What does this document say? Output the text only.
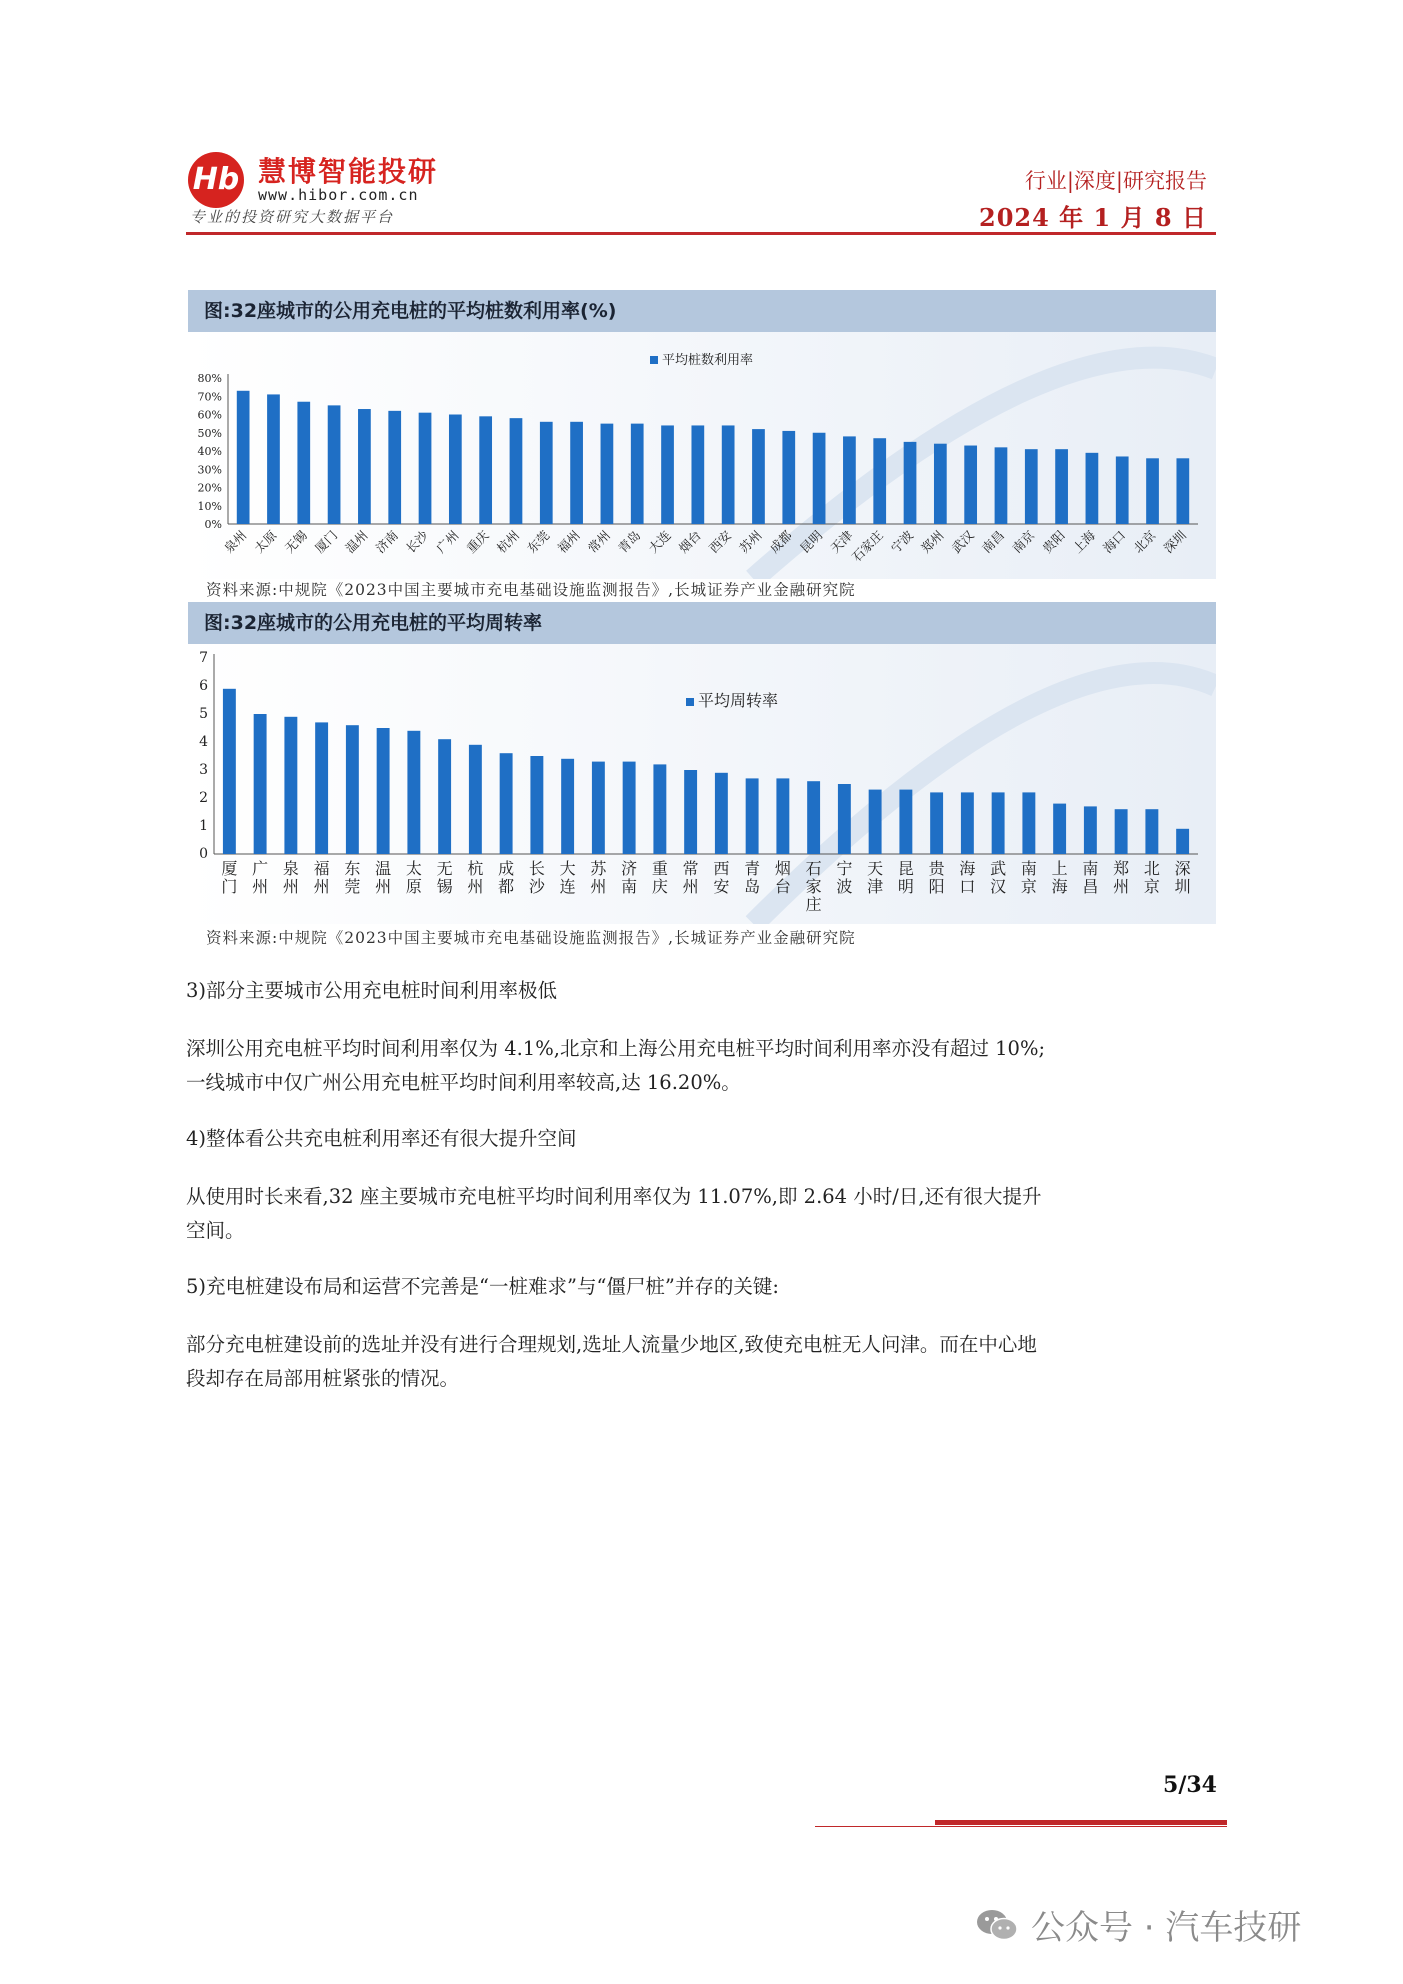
Hb 慧博智能投研
www.hibor.com.cn
专业的投资研究大数据平台
行业|深度|研究报告
2024 年 1 月 8 日
图:32座城市的公用充电桩的平均桩数利用率(%)
0%
10%
20%
30%
40%
50%
60%
70%
80%
泉州 太原 无锡 厦门 温州 济南 长沙 广州 重庆 杭州 东莞 福州 常州 青岛 大连 烟台 西安 苏州 成都 昆明 天津
石家庄 宁波 郑州 武汉 南昌 南京 贵阳 上海 海口 北京 深圳
平均桩数利用率
资料来源:中规院《2023中国主要城市充电基础设施监测报告》,长城证券产业金融研究院
图:32座城市的公用充电桩的平均周转率
0
1
2
3
4
5
6
7
厦
门
广
州
泉
州
福
州
东
莞
温
州
太
原
无
锡
杭
州
成
都
长
沙
大
连
苏
州
济
南
重
庆
常
州
西
安
青
岛
烟
台
石
家
庄
宁
波
天
津
昆
明
贵
阳
海
口
武
汉
南
京
上
海
南
昌
郑
州
北
京
深
圳
平均周转率
资料来源:中规院《2023中国主要城市充电基础设施监测报告》,长城证券产业金融研究院
3)部分主要城市公用充电桩时间利用率极低
深圳公用充电桩平均时间利用率仅为 4.1%,北京和上海公用充电桩平均时间利用率亦没有超过 10%;
一线城市中仅广州公用充电桩平均时间利用率较高,达 16.20%。
4)整体看公共充电桩利用率还有很大提升空间
从使用时长来看,32 座主要城市充电桩平均时间利用率仅为 11.07%,即 2.64 小时/日,还有很大提升
空间。
5)充电桩建设布局和运营不完善是“一桩难求”与“僵尸桩”并存的关键:
部分充电桩建设前的选址并没有进行合理规划,选址人流量少地区,致使充电桩无人问津。而在中心地
段却存在局部用桩紧张的情况。
5/34
公众号 · 汽车技研
